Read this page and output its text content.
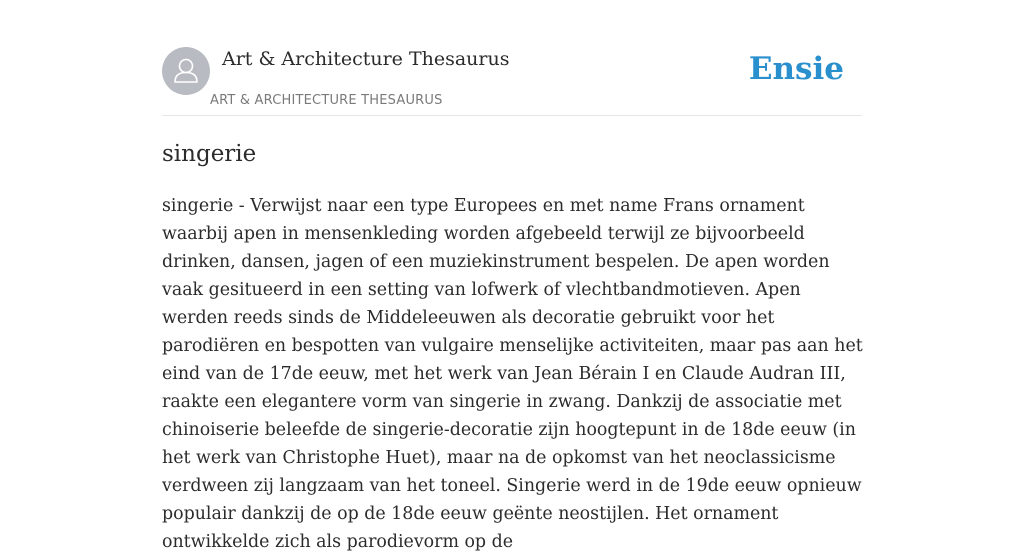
Art & Architecture Thesaurus
ART & ARCHITECTURE THESAURUS
Ensie
singerie

singerie - Verwijst naar een type Europees en met name Frans ornament waarbij apen in mensenkleding worden afgebeeld terwijl ze bijvoorbeeld drinken, dansen, jagen of een muziekinstrument bespelen. De apen worden vaak gesitueerd in een setting van lofwerk of vlechtbandmotieven. Apen werden reeds sinds de Middeleeuwen als decoratie gebruikt voor het parodiëren en bespotten van vulgaire menselijke activiteiten, maar pas aan het eind van de 17de eeuw, met het werk van Jean Bérain I en Claude Audran III, raakte een elegantere vorm van singerie in zwang. Dankzij de associatie met chinoiserie beleefde de singerie-decoratie zijn hoogtepunt in de 18de eeuw (in het werk van Christophe Huet), maar na de opkomst van het neoclassicisme verdween zij langzaam van het toneel. Singerie werd in de 19de eeuw opnieuw populair dankzij de op de 18de eeuw geënte neostijlen. Het ornament ontwikkelde zich als parodievorm op de
